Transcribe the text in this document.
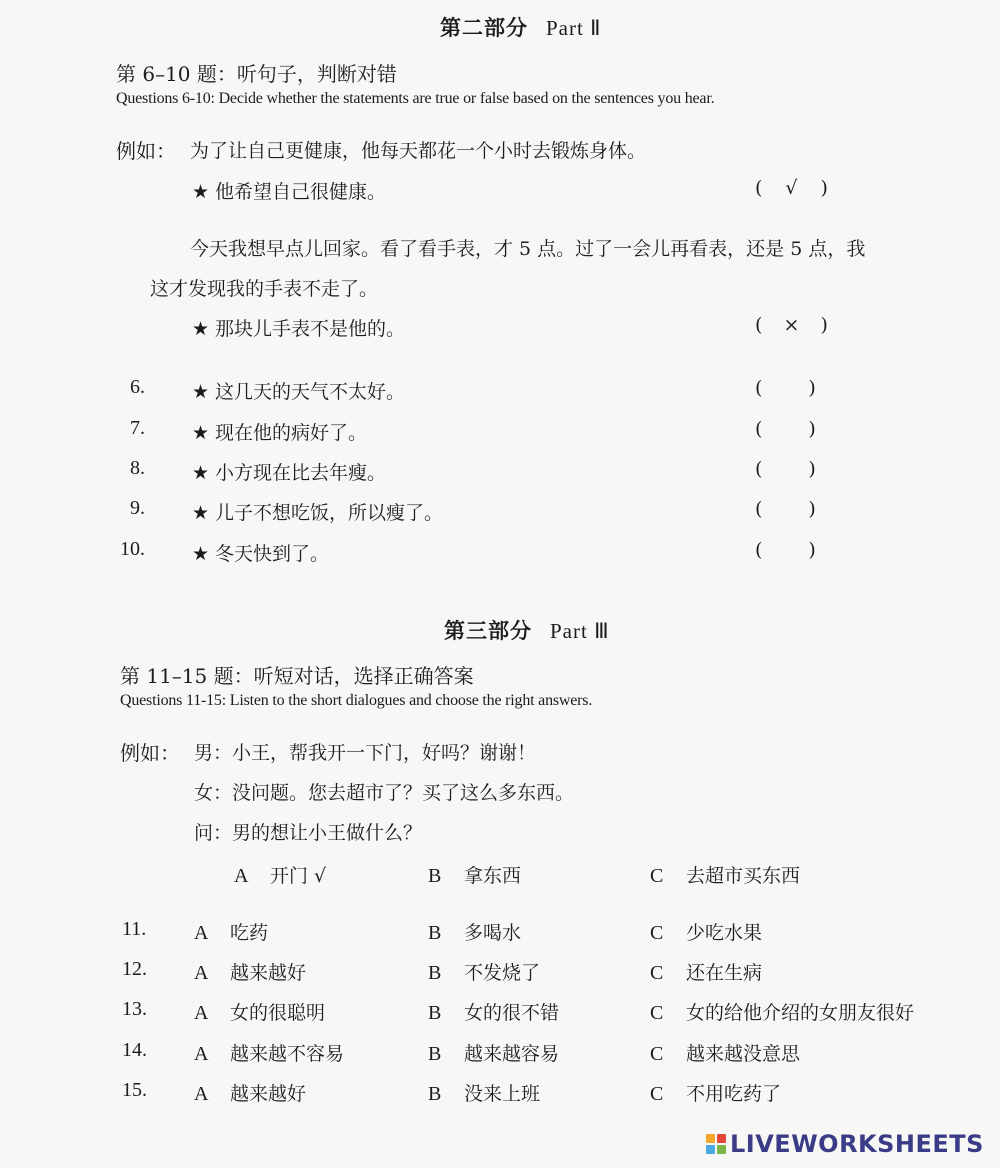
第二部分 Part Ⅱ
第 6–10 题：听句子，判断对错
Questions 6-10: Decide whether the statements are true or false based on the sentences you hear.
例如： 为了让自己更健康，他每天都花一个小时去锻炼身体。
★ 他希望自己很健康。	( √ )
今天我想早点儿回家。看了看手表，才 5 点。过了一会儿再看表，还是 5 点，我
这才发现我的手表不走了。
★ 那块儿手表不是他的。	( × )
6. ★ 这几天的天气不太好。	( )
7. ★ 现在他的病好了。	( )
8. ★ 小方现在比去年瘦。	( )
9. ★ 儿子不想吃饭，所以瘦了。	( )
10. ★ 冬天快到了。	( )
第三部分 Part Ⅲ
第 11–15 题：听短对话，选择正确答案
Questions 11-15: Listen to the short dialogues and choose the right answers.
例如： 男：小王，帮我开一下门，好吗？谢谢！
女：没问题。您去超市了？买了这么多东西。
问：男的想让小王做什么？
A 开门 √	B 拿东西	C 去超市买东西
11. A 吃药	B 多喝水	C 少吃水果
12. A 越来越好	B 不发烧了	C 还在生病
13. A 女的很聪明	B 女的很不错	C 女的给他介绍的女朋友很好
14. A 越来越不容易	B 越来越容易	C 越来越没意思
15. A 越来越好	B 没来上班	C 不用吃药了
LIVEWORKSHEETS
